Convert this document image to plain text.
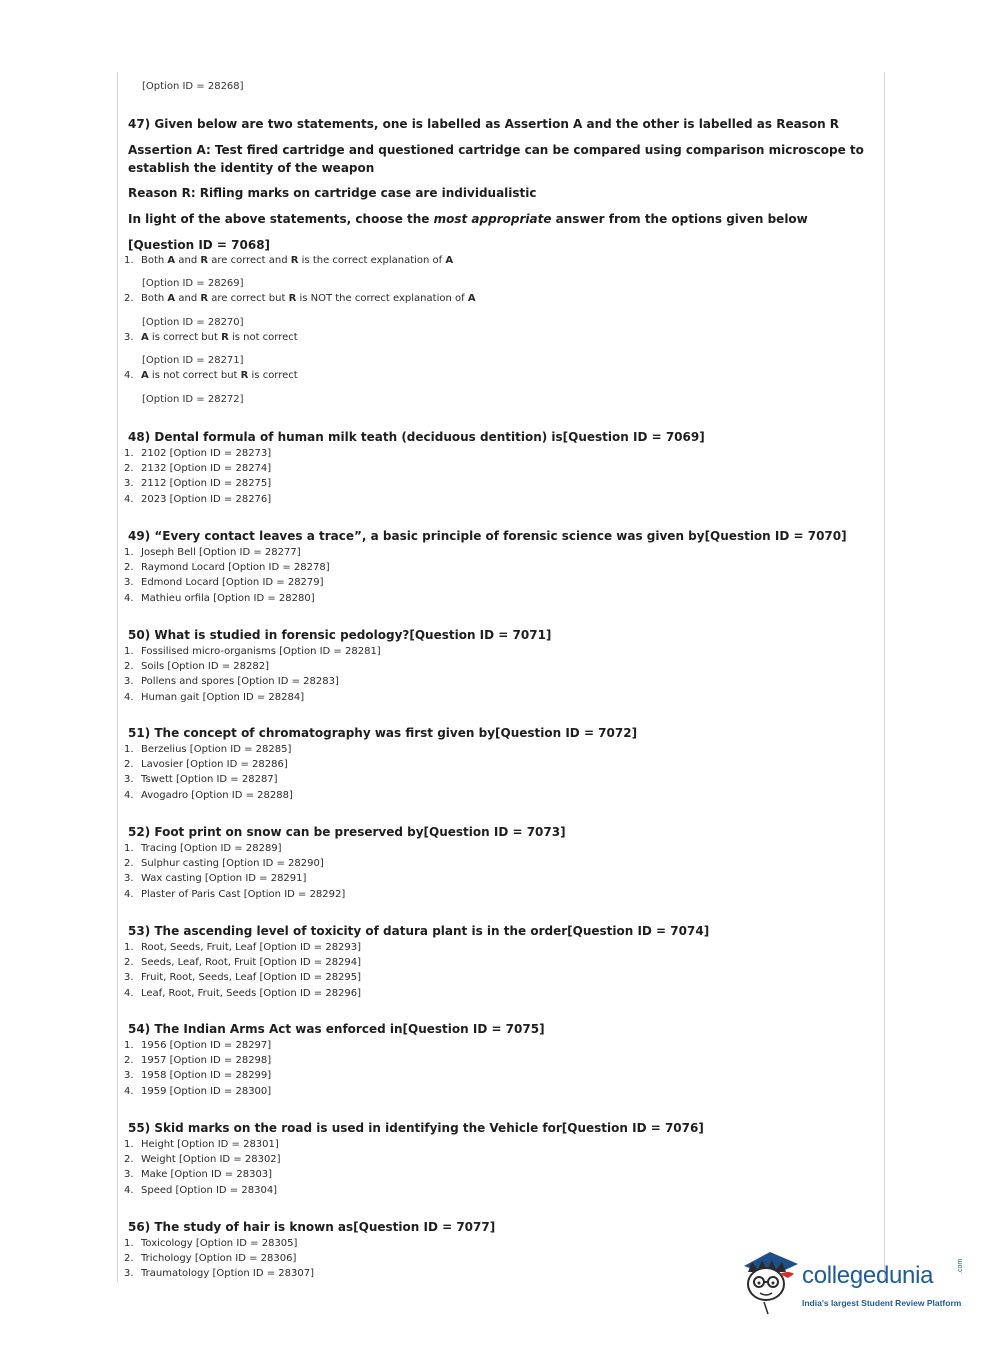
[Option ID = 28268]
47) Given below are two statements, one is labelled as Assertion A and the other is labelled as Reason R
Assertion A: Test fired cartridge and questioned cartridge can be compared using comparison microscope to establish the identity of the weapon
Reason R: Rifling marks on cartridge case are individualistic
In light of the above statements, choose the most appropriate answer from the options given below
[Question ID = 7068]
1. Both A and R are correct and R is the correct explanation of A
[Option ID = 28269]
2. Both A and R are correct but R is NOT the correct explanation of A
[Option ID = 28270]
3. A is correct but R is not correct
[Option ID = 28271]
4. A is not correct but R is correct
[Option ID = 28272]
48) Dental formula of human milk teath (deciduous dentition) is[Question ID = 7069]
1. 2102 [Option ID = 28273]
2. 2132 [Option ID = 28274]
3. 2112 [Option ID = 28275]
4. 2023 [Option ID = 28276]
49) “Every contact leaves a trace”, a basic principle of forensic science was given by[Question ID = 7070]
1. Joseph Bell [Option ID = 28277]
2. Raymond Locard [Option ID = 28278]
3. Edmond Locard [Option ID = 28279]
4. Mathieu orfila [Option ID = 28280]
50) What is studied in forensic pedology?[Question ID = 7071]
1. Fossilised micro-organisms [Option ID = 28281]
2. Soils [Option ID = 28282]
3. Pollens and spores [Option ID = 28283]
4. Human gait [Option ID = 28284]
51) The concept of chromatography was first given by[Question ID = 7072]
1. Berzelius [Option ID = 28285]
2. Lavosier [Option ID = 28286]
3. Tswett [Option ID = 28287]
4. Avogadro [Option ID = 28288]
52) Foot print on snow can be preserved by[Question ID = 7073]
1. Tracing [Option ID = 28289]
2. Sulphur casting [Option ID = 28290]
3. Wax casting [Option ID = 28291]
4. Plaster of Paris Cast [Option ID = 28292]
53) The ascending level of toxicity of datura plant is in the order[Question ID = 7074]
1. Root, Seeds, Fruit, Leaf [Option ID = 28293]
2. Seeds, Leaf, Root, Fruit [Option ID = 28294]
3. Fruit, Root, Seeds, Leaf [Option ID = 28295]
4. Leaf, Root, Fruit, Seeds [Option ID = 28296]
54) The Indian Arms Act was enforced in[Question ID = 7075]
1. 1956 [Option ID = 28297]
2. 1957 [Option ID = 28298]
3. 1958 [Option ID = 28299]
4. 1959 [Option ID = 28300]
55) Skid marks on the road is used in identifying the Vehicle for[Question ID = 7076]
1. Height [Option ID = 28301]
2. Weight [Option ID = 28302]
3. Make [Option ID = 28303]
4. Speed [Option ID = 28304]
56) The study of hair is known as[Question ID = 7077]
1. Toxicology [Option ID = 28305]
2. Trichology [Option ID = 28306]
3. Traumatology [Option ID = 28307]	collegedunia	.com
India's largest Student Review Platform
